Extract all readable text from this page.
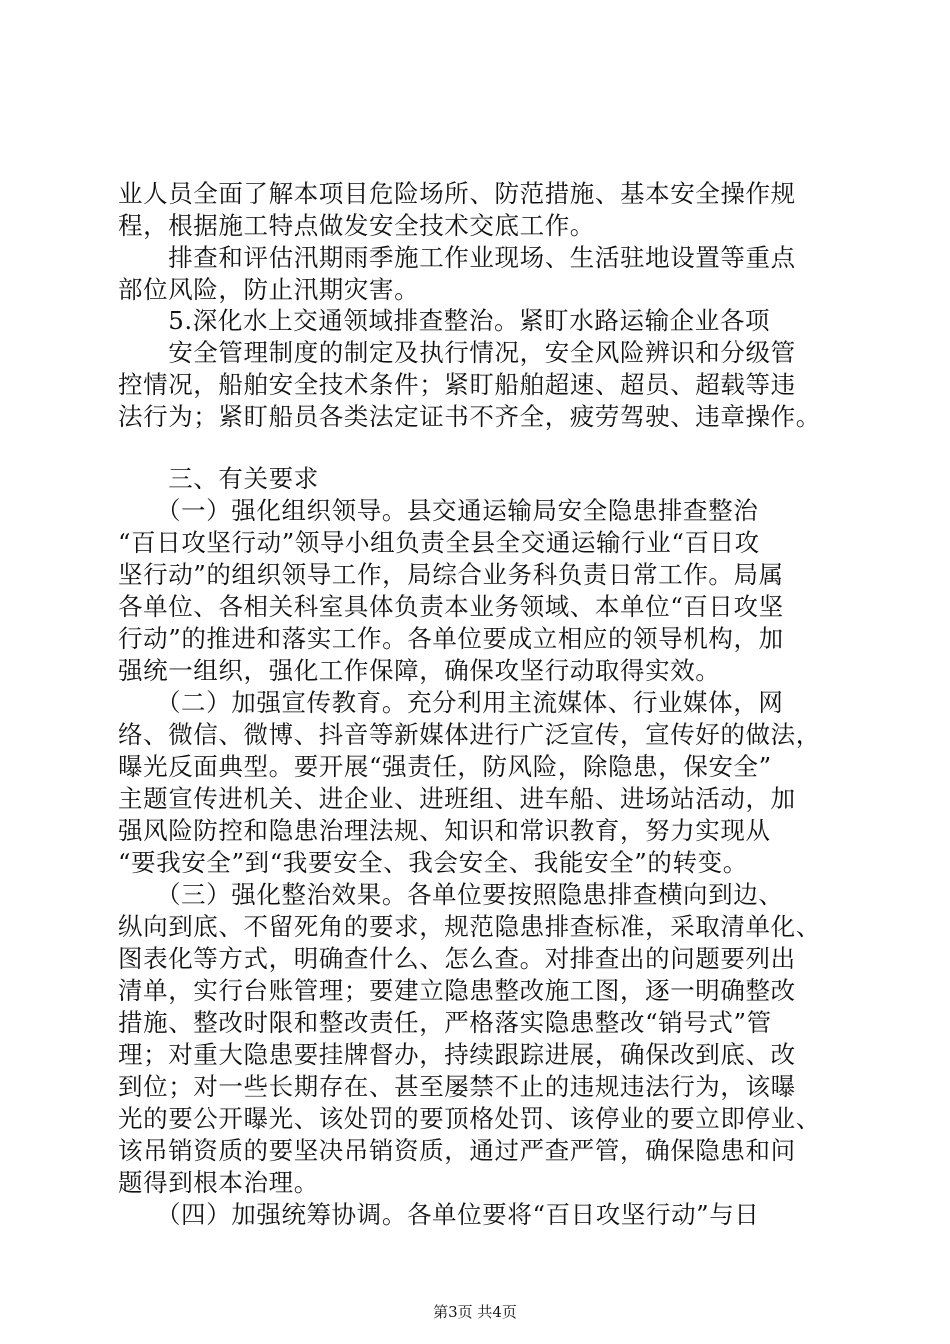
业人员全面了解本项目危险场所、防范措施、基本安全操作规
程，根据施工特点做发安全技术交底工作。
　　排查和评估汛期雨季施工作业现场、生活驻地设置等重点
部位风险，防止汛期灾害。
　　5.深化水上交通领域排查整治。紧盯水路运输企业各项
　　安全管理制度的制定及执行情况，安全风险辨识和分级管
控情况，船舶安全技术条件；紧盯船舶超速、超员、超载等违
法行为；紧盯船员各类法定证书不齐全，疲劳驾驶、违章操作。
　　三、有关要求
　　（一）强化组织领导。县交通运输局安全隐患排查整治
“百日攻坚行动”领导小组负责全县全交通运输行业“百日攻
坚行动”的组织领导工作，局综合业务科负责日常工作。局属
各单位、各相关科室具体负责本业务领域、本单位“百日攻坚
行动”的推进和落实工作。各单位要成立相应的领导机构，加
强统一组织，强化工作保障，确保攻坚行动取得实效。
　　（二）加强宣传教育。充分利用主流媒体、行业媒体，网
络、微信、微博、抖音等新媒体进行广泛宣传，宣传好的做法，
曝光反面典型。要开展“强责任，防风险，除隐患，保安全”
主题宣传进机关、进企业、进班组、进车船、进场站活动，加
强风险防控和隐患治理法规、知识和常识教育，努力实现从
“要我安全”到“我要安全、我会安全、我能安全”的转变。
　　（三）强化整治效果。各单位要按照隐患排查横向到边、
纵向到底、不留死角的要求，规范隐患排查标准，采取清单化、
图表化等方式，明确查什么、怎么查。对排查出的问题要列出
清单，实行台账管理；要建立隐患整改施工图，逐一明确整改
措施、整改时限和整改责任，严格落实隐患整改“销号式”管
理；对重大隐患要挂牌督办，持续跟踪进展，确保改到底、改
到位；对一些长期存在、甚至屡禁不止的违规违法行为，该曝
光的要公开曝光、该处罚的要顶格处罚、该停业的要立即停业、
该吊销资质的要坚决吊销资质，通过严查严管，确保隐患和问
题得到根本治理。
　　（四）加强统筹协调。各单位要将“百日攻坚行动”与日
第3页 共4页
